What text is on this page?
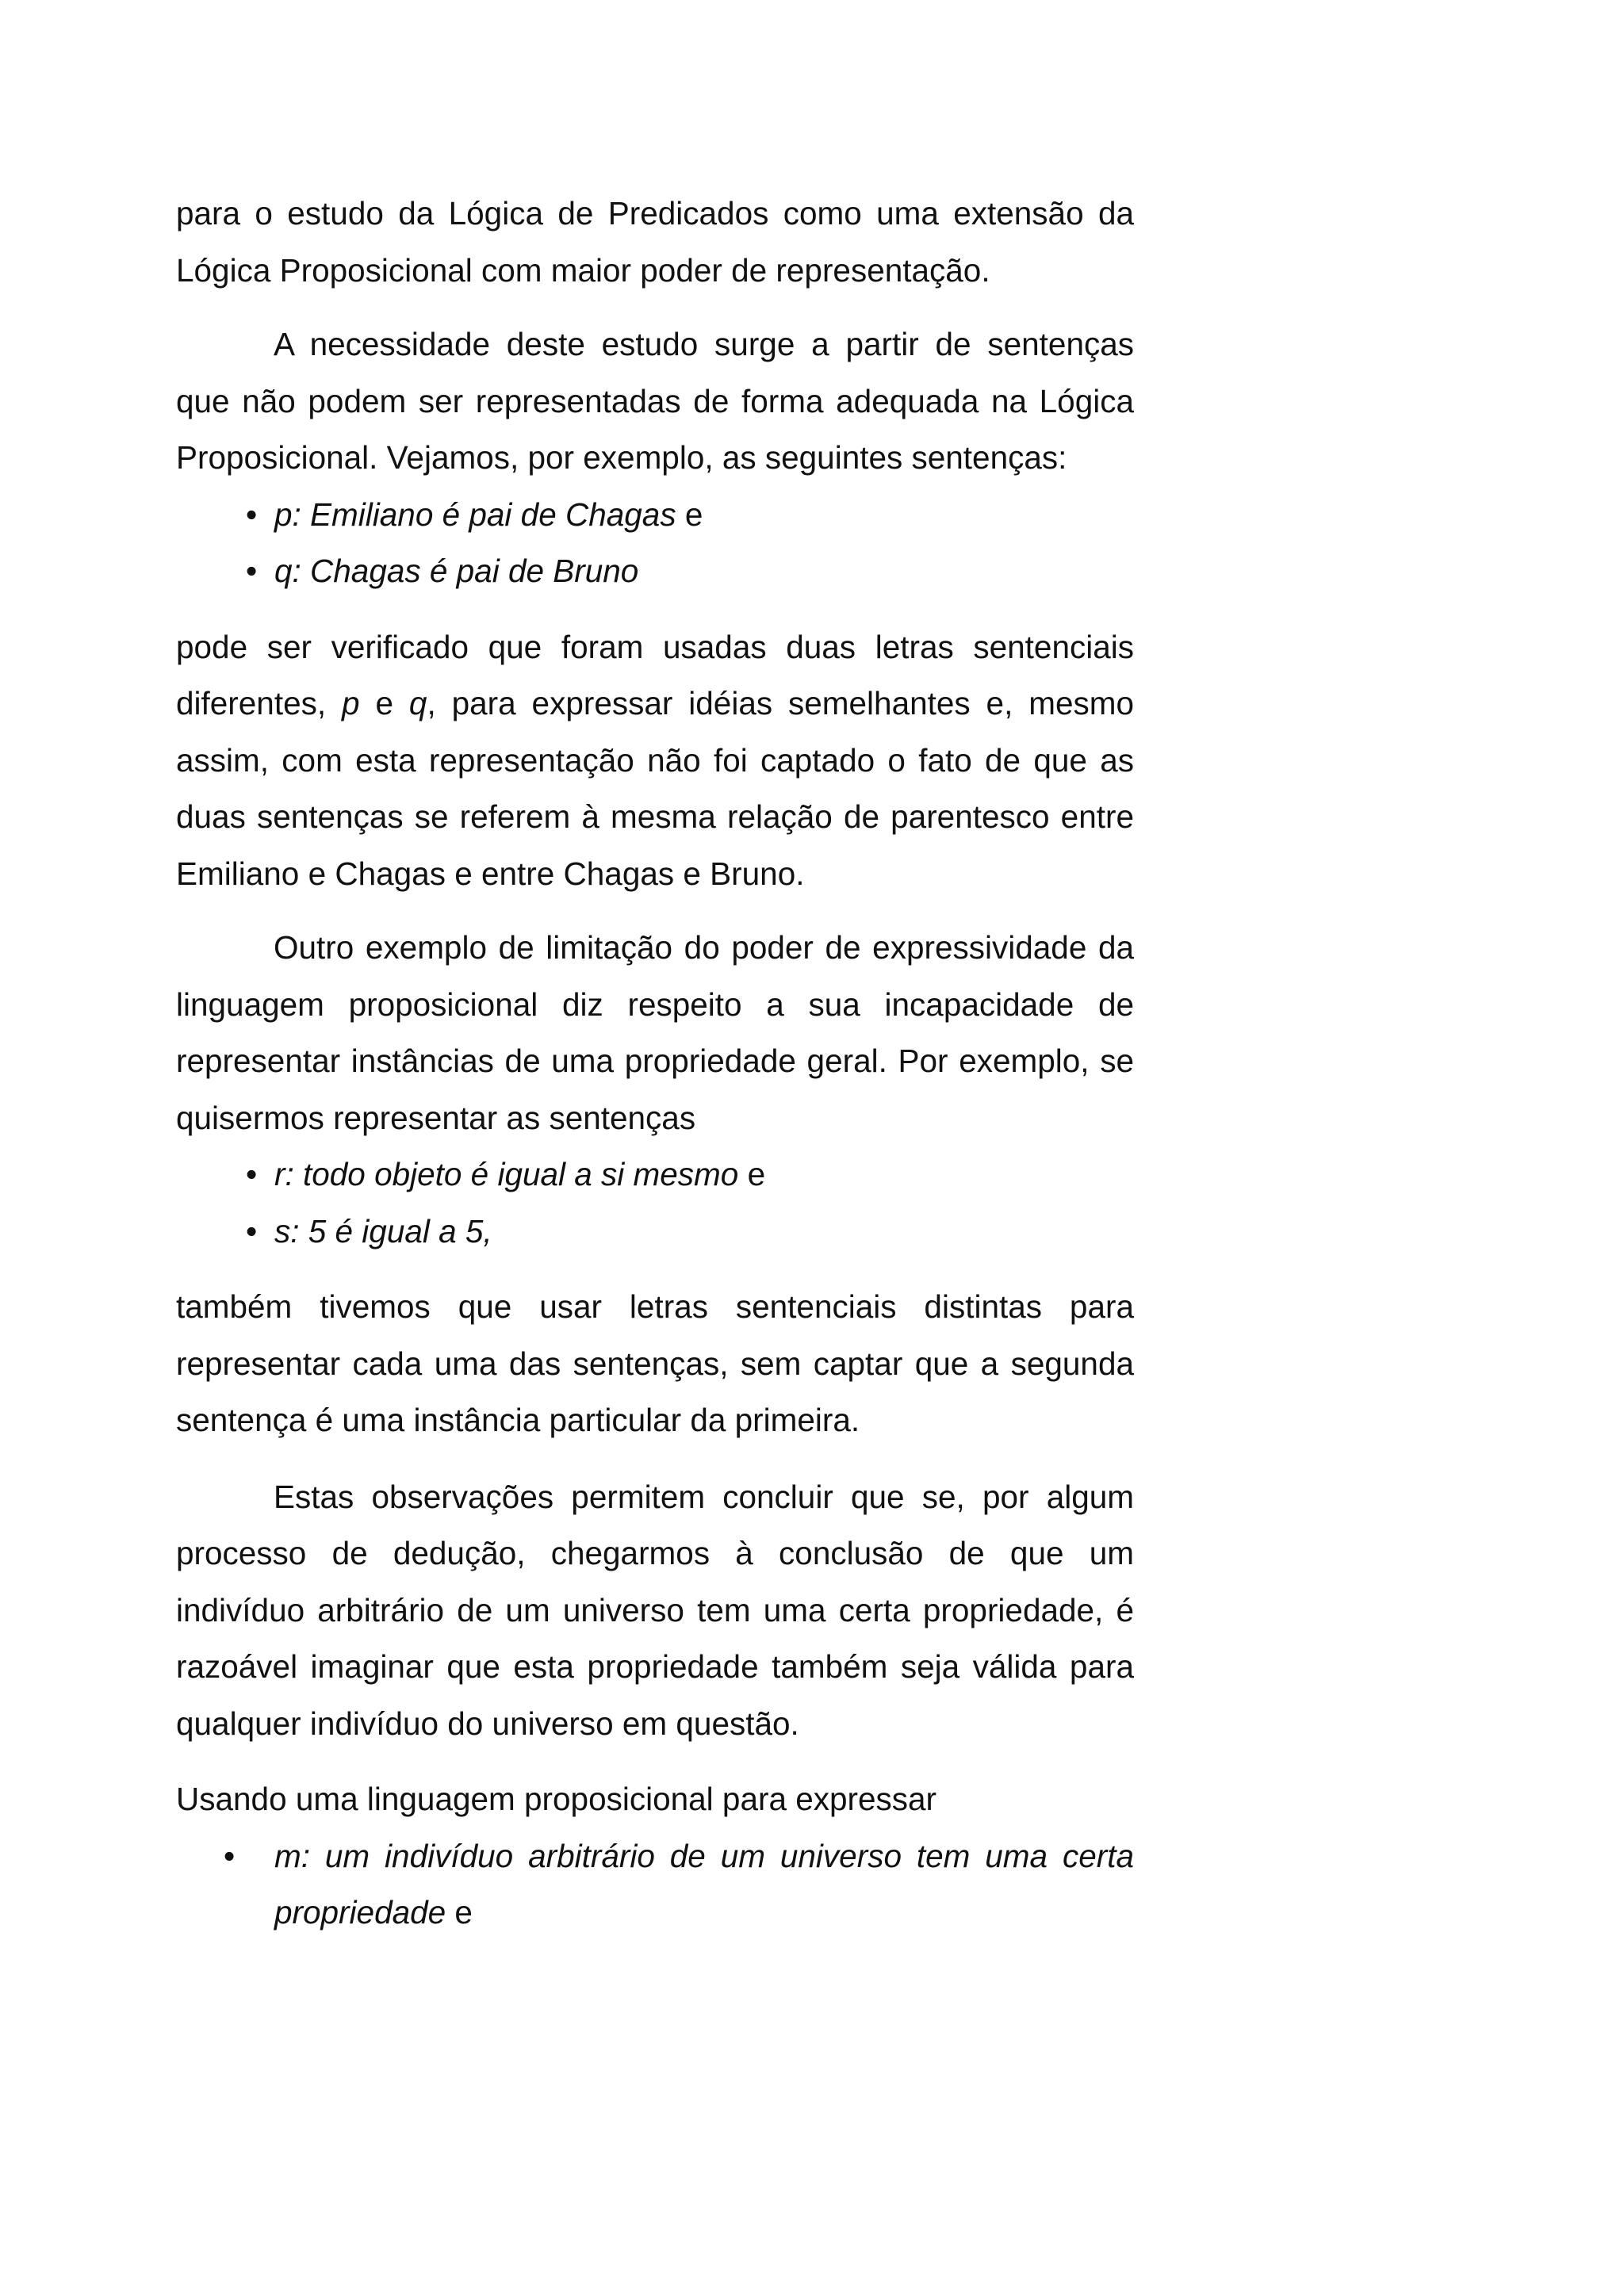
para o estudo da Lógica de Predicados como uma extensão da Lógica Proposicional com maior poder de representação.

A necessidade deste estudo surge a partir de sentenças que não podem ser representadas de forma adequada na Lógica Proposicional. Vejamos, por exemplo, as seguintes sentenças:

• p: Emiliano é pai de Chagas e

• q: Chagas é pai de Bruno

pode ser verificado que foram usadas duas letras sentenciais diferentes, p e q, para expressar idéias semelhantes e, mesmo assim, com esta representação não foi captado o fato de que as duas sentenças se referem à mesma relação de parentesco entre Emiliano e Chagas e entre Chagas e Bruno.

Outro exemplo de limitação do poder de expressividade da linguagem proposicional diz respeito a sua incapacidade de representar instâncias de uma propriedade geral. Por exemplo, se quisermos representar as sentenças

• r: todo objeto é igual a si mesmo e

• s: 5 é igual a 5,

também tivemos que usar letras sentenciais distintas para representar cada uma das sentenças, sem captar que a segunda sentença é uma instância particular da primeira.

Estas observações permitem concluir que se, por algum processo de dedução, chegarmos à conclusão de que um indivíduo arbitrário de um universo tem uma certa propriedade, é razoável imaginar que esta propriedade também seja válida para qualquer indivíduo do universo em questão.

Usando uma linguagem proposicional para expressar

• m: um indivíduo arbitrário de um universo tem uma certa propriedade e
